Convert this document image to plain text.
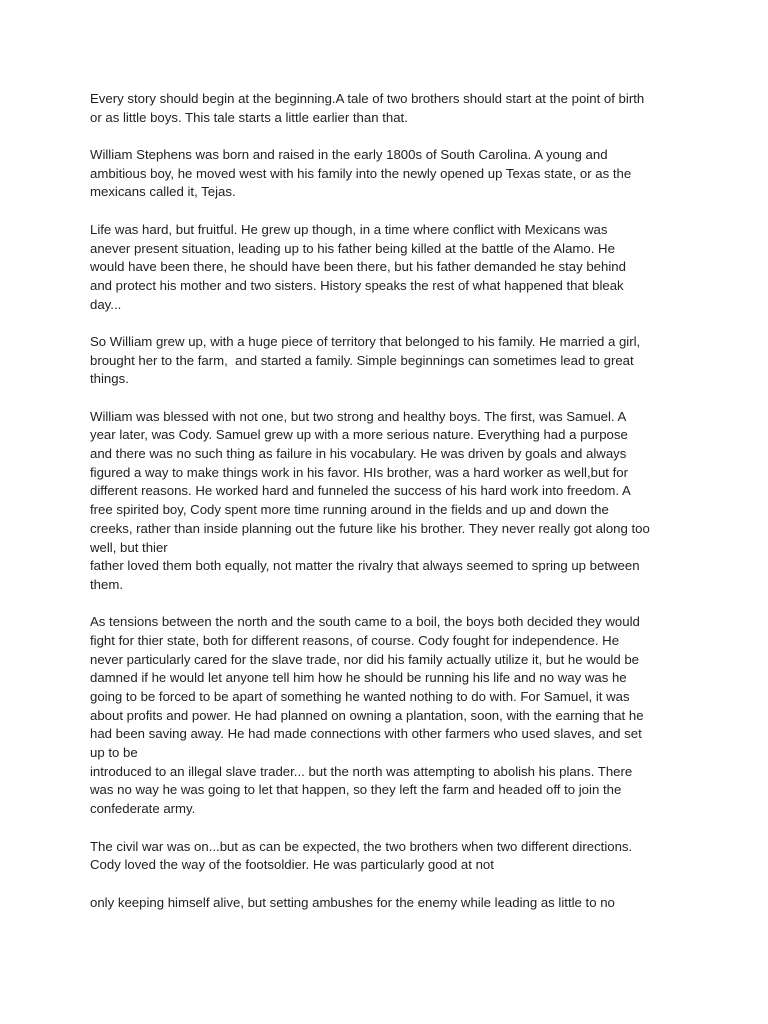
Every story should begin at the beginning.A tale of two brothers should start at the point of birth
or as little boys. This tale starts a little earlier than that.
William Stephens was born and raised in the early 1800s of South Carolina. A young and
ambitious boy, he moved west with his family into the newly opened up Texas state, or as the
mexicans called it, Tejas.
Life was hard, but fruitful. He grew up though, in a time where conflict with Mexicans was
anever present situation, leading up to his father being killed at the battle of the Alamo. He
would have been there, he should have been there, but his father demanded he stay behind
and protect his mother and two sisters. History speaks the rest of what happened that bleak
day...
So William grew up, with a huge piece of territory that belonged to his family. He married a girl,
brought her to the farm,  and started a family. Simple beginnings can sometimes lead to great
things.
William was blessed with not one, but two strong and healthy boys. The first, was Samuel. A
year later, was Cody. Samuel grew up with a more serious nature. Everything had a purpose
and there was no such thing as failure in his vocabulary. He was driven by goals and always
figured a way to make things work in his favor. HIs brother, was a hard worker as well,but for
different reasons. He worked hard and funneled the success of his hard work into freedom. A
free spirited boy, Cody spent more time running around in the fields and up and down the
creeks, rather than inside planning out the future like his brother. They never really got along too
well, but thier
father loved them both equally, not matter the rivalry that always seemed to spring up between
them.
As tensions between the north and the south came to a boil, the boys both decided they would
fight for thier state, both for different reasons, of course. Cody fought for independence. He
never particularly cared for the slave trade, nor did his family actually utilize it, but he would be
damned if he would let anyone tell him how he should be running his life and no way was he
going to be forced to be apart of something he wanted nothing to do with. For Samuel, it was
about profits and power. He had planned on owning a plantation, soon, with the earning that he
had been saving away. He had made connections with other farmers who used slaves, and set
up to be
introduced to an illegal slave trader... but the north was attempting to abolish his plans. There
was no way he was going to let that happen, so they left the farm and headed off to join the
confederate army.
The civil war was on...but as can be expected, the two brothers when two different directions.
Cody loved the way of the footsoldier. He was particularly good at not
only keeping himself alive, but setting ambushes for the enemy while leading as little to no
